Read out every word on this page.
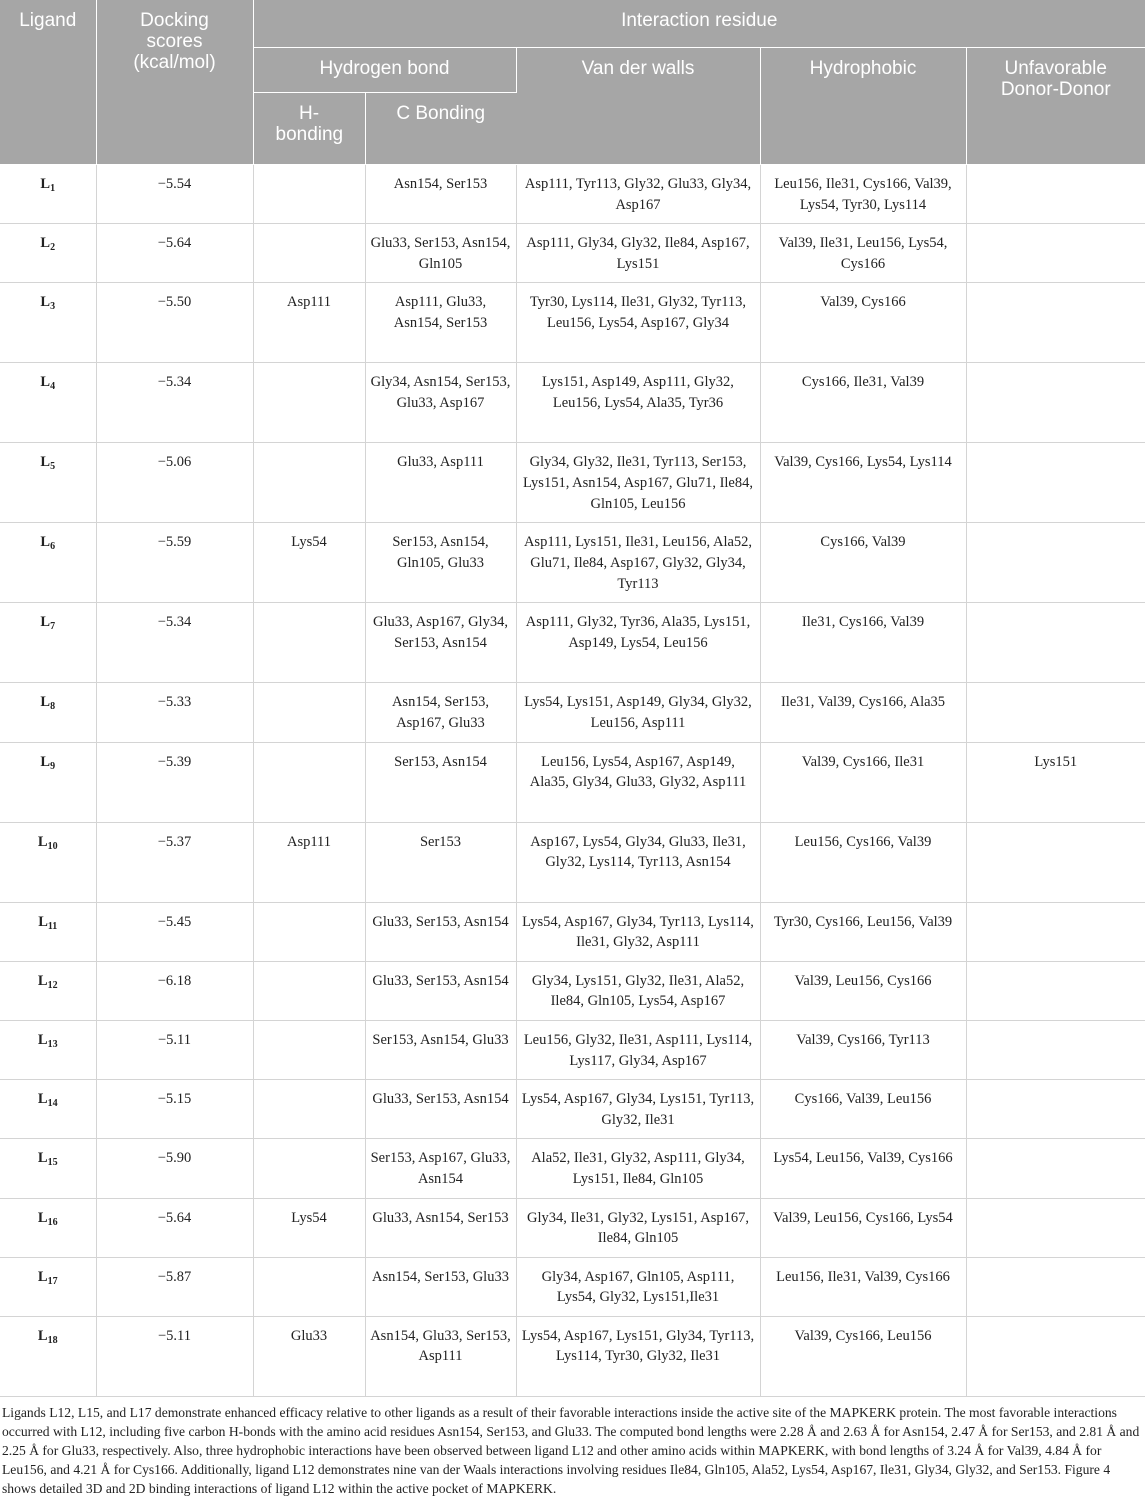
Ligand	Docking scores (kcal/mol)	Interaction residue				
		Hydrogen bond		Van der walls	Hydrophobic	Unfavorable Donor-Donor
		H-bonding	C Bonding			
$L_1$	−5.54		Asn154, Ser153	Asp111, Tyr113, Gly32, Glu33, Gly34, Asp167	Leu156, Ile31, Cys166, Val39, Lys54, Tyr30, Lys114	
$L_2$	−5.64		Glu33, Ser153, Asn154, Gln105	Asp111, Gly34, Gly32, Ile84, Asp167, Lys151	Val39, Ile31, Leu156, Lys54, Cys166	
$L_3$	−5.50	Asp111	Asp111, Glu33, Asn154, Ser153	Tyr30, Lys114, Ile31, Gly32, Tyr113, Leu156, Lys54, Asp167, Gly34	Val39, Cys166	
$L_4$	−5.34		Gly34, Asn154, Ser153, Glu33, Asp167	Lys151, Asp149, Asp111, Gly32, Leu156, Lys54, Ala35, Tyr36	Cys166, Ile31, Val39	
$L_5$	−5.06		Glu33, Asp111	Gly34, Gly32, Ile31, Tyr113, Ser153, Lys151, Asn154, Asp167, Glu71, Ile84, Gln105, Leu156	Val39, Cys166, Lys54, Lys114	
$L_6$	−5.59	Lys54	Ser153, Asn154, Gln105, Glu33	Asp111, Lys151, Ile31, Leu156, Ala52, Glu71, Ile84, Asp167, Gly32, Gly34, Tyr113	Cys166, Val39	
$L_7$	−5.34		Glu33, Asp167, Gly34, Ser153, Asn154	Asp111, Gly32, Tyr36, Ala35, Lys151, Asp149, Lys54, Leu156	Ile31, Cys166, Val39	
$L_8$	−5.33		Asn154, Ser153, Asp167, Glu33	Lys54, Lys151, Asp149, Gly34, Gly32, Leu156, Asp111	Ile31, Val39, Cys166, Ala35	
$L_9$	−5.39		Ser153, Asn154	Leu156, Lys54, Asp167, Asp149, Ala35, Gly34, Glu33, Gly32, Asp111	Val39, Cys166, Ile31	Lys151
$L_{10}$	−5.37	Asp111	Ser153	Asp167, Lys54, Gly34, Glu33, Ile31, Gly32, Lys114, Tyr113, Asn154	Leu156, Cys166, Val39	
$L_{11}$	−5.45		Glu33, Ser153, Asn154	Lys54, Asp167, Gly34, Tyr113, Lys114, Ile31, Gly32, Asp111	Tyr30, Cys166, Leu156, Val39	
$L_{12}$	−6.18		Glu33, Ser153, Asn154	Gly34, Lys151, Gly32, Ile31, Ala52, Ile84, Gln105, Lys54, Asp167	Val39, Leu156, Cys166	
$L_{13}$	−5.11		Ser153, Asn154, Glu33	Leu156, Gly32, Ile31, Asp111, Lys114, Lys117, Gly34, Asp167	Val39, Cys166, Tyr113	
$L_{14}$	−5.15		Glu33, Ser153, Asn154	Lys54, Asp167, Gly34, Lys151, Tyr113, Gly32, Ile31	Cys166, Val39, Leu156	
$L_{15}$	−5.90		Ser153, Asp167, Glu33, Asn154	Ala52, Ile31, Gly32, Asp111, Gly34, Lys151, Ile84, Gln105	Lys54, Leu156, Val39, Cys166	
$L_{16}$	−5.64	Lys54	Glu33, Asn154, Ser153	Gly34, Ile31, Gly32, Lys151, Asp167, Ile84, Gln105	Val39, Leu156, Cys166, Lys54	
$L_{17}$	−5.87		Asn154, Ser153, Glu33	Gly34, Asp167, Gln105, Asp111, Lys54, Gly32, Lys151,Ile31	Leu156, Ile31, Val39, Cys166	
$L_{18}$	−5.11	Glu33	Asn154, Glu33, Ser153, Asp111	Lys54, Asp167, Lys151, Gly34, Tyr113, Lys114, Tyr30, Gly32, Ile31	Val39, Cys166, Leu156	
Ligands L12, L15, and L17 demonstrate enhanced efficacy relative to other ligands as a result of their favorable interactions inside the active site of the MAPKERK protein. The most favorable interactions occurred with L12, including five carbon H-bonds with the amino acid residues Asn154, Ser153, and Glu33. The computed bond lengths were 2.28 Å and 2.63 Å for Asn154, 2.47 Å for Ser153, and 2.81 Å and 2.25 Å for Glu33, respectively. Also, three hydrophobic interactions have been observed between ligand L12 and other amino acids within MAPKERK, with bond lengths of 3.24 Å for Val39, 4.84 Å for Leu156, and 4.21 Å for Cys166. Additionally, ligand L12 demonstrates nine van der Waals interactions involving residues Ile84, Gln105, Ala52, Lys54, Asp167, Ile31, Gly34, Gly32, and Ser153. Figure 4 shows detailed 3D and 2D binding interactions of ligand L12 within the active pocket of MAPKERK.
